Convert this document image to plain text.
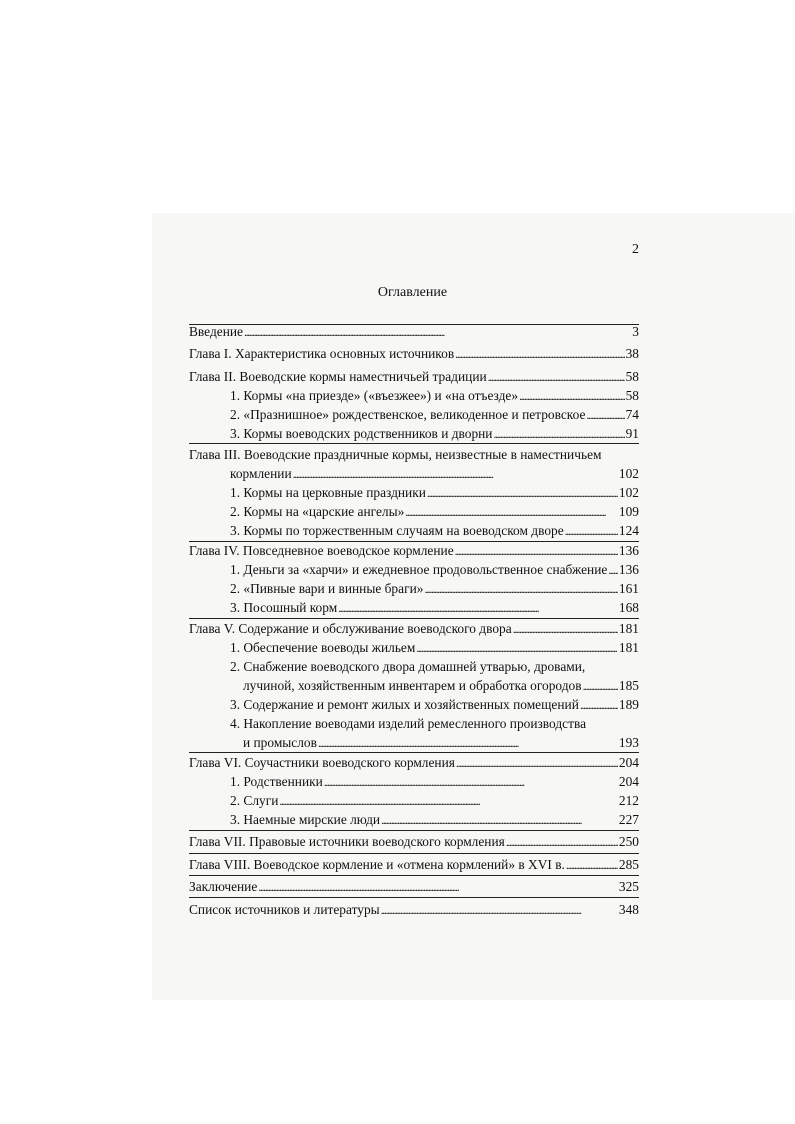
2
Оглавление
Введение . . .	3
Глава I. Характеристика основных источников . . .	38
Глава II. Воеводские кормы наместничьей традиции . . .	58
1. Кормы «на приезде» («въезжее») и «на отъезде» . . .	58
2. «Празнишное» рождественское, великоденное и петровское . . .	74
3. Кормы воеводских родственников и дворни . . .	91
Глава III. Воеводские праздничные кормы, неизвестные в наместничьем
кормлении . . .	102
1. Кормы на церковные праздники . . .	102
2. Кормы на «царские ангелы» . . .	109
3. Кормы по торжественным случаям на воеводском дворе . . .	124
Глава IV. Повседневное воеводское кормление . . .	136
1. Деньги за «харчи» и ежедневное продовольственное снабжение . . . 136
2. «Пивные вари и винные браги» . . .	161
3. Посошный корм . . .	168
Глава V. Содержание и обслуживание воеводского двора . . .	181
1. Обеспечение воеводы жильем . . .	181
2. Снабжение воеводского двора домашней утварью, дровами,
лучиной, хозяйственным инвентарем и обработка огородов . . .	185
3. Содержание и ремонт жилых и хозяйственных помещений . . .	189
4. Накопление воеводами изделий ремесленного производства
и промыслов . . .	193
Глава VI. Соучастники воеводского кормления . . .	204
1. Родственники . . .	204
2. Слуги . . .	212
3. Наемные мирские люди . . .	227
Глава VII. Правовые источники воеводского кормления . . .	250
Глава VIII. Воеводское кормление и «отмена кормлений» в XVI в. . . .	285
Заключение . . .	325
Список источников и литературы . . .	348
